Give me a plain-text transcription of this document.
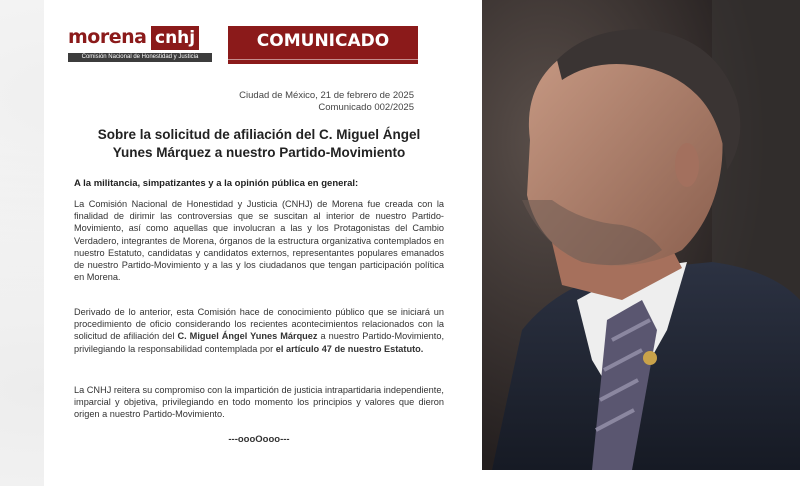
morena cnhj
Comisión Nacional de Honestidad y Justicia
COMUNICADO
Ciudad de México, 21 de febrero de 2025
Comunicado 002/2025
Sobre la solicitud de afiliación del C. Miguel Ángel
Yunes Márquez a nuestro Partido-Movimiento
A la militancia, simpatizantes y a la opinión pública en general:
La Comisión Nacional de Honestidad y Justicia (CNHJ) de Morena fue creada con la finalidad de dirimir las controversias que se suscitan al interior de nuestro Partido-Movimiento, así como aquellas que involucran a las y los Protagonistas del Cambio Verdadero, integrantes de Morena, órganos de la estructura organizativa contemplados en nuestro Estatuto, candidatas y candidatos externos, representantes populares emanados de nuestro Partido-Movimiento y a las y los ciudadanos que tengan participación política en Morena.
Derivado de lo anterior, esta Comisión hace de conocimiento público que se iniciará un procedimiento de oficio considerando los recientes acontecimientos relacionados con la solicitud de afiliación del C. Miguel Ángel Yunes Márquez a nuestro Partido-Movimiento, privilegiando la responsabilidad contemplada por el artículo 47 de nuestro Estatuto.
La CNHJ reitera su compromiso con la impartición de justicia intrapartidaria independiente, imparcial y objetiva, privilegiando en todo momento los principios y valores que dieron origen a nuestro Partido-Movimiento.
---oooOooo---
